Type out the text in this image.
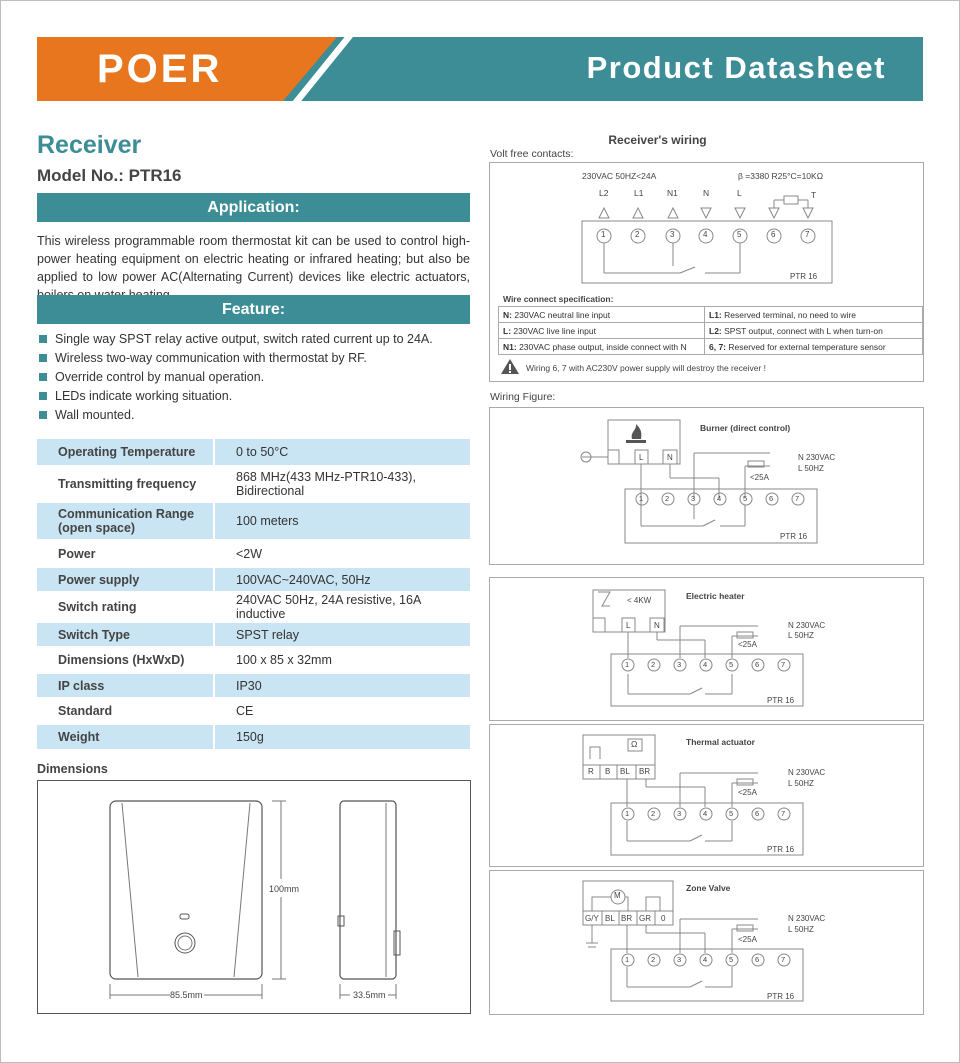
POER	Product Datasheet
Receiver
Model No.: PTR16
Application:
This wireless programmable room thermostat kit can be used to control high-power heating equipment on electric heating or infrared heating; but also be applied to low power AC(Alternating Current) devices like electric actuators,
Feature:
Single way SPST relay active output, switch rated current up to 24A.
Wireless two-way communication with thermostat by RF.
Override control by manual operation.
LEDs indicate working situation.
Wall mounted.
Operating Temperature	0 to 50°C
Transmitting frequency	868 MHz(433 MHz-PTR10-433),
Bidirectional
Communication Range
(open space)	100 meters
Power	<2W
Power supply	100VAC~240VAC, 50Hz
Switch rating	240VAC 50Hz, 24A resistive, 16A inductive
Switch Type	SPST relay
Dimensions (HxWxD)	100 x 85 x 32mm
IP class	IP30
Standard	CE
Weight	150g
Dimensions
100mm
85.5mm	33.5mm
Receiver's wiring
Volt free contacts:
230VAC 50HZ<24A	β =3380 R25°C=10KΩ
L2	L1	N1	N	L	T
1	2	3	4	5	6	7
PTR 16
Wire connect specification:
Wiring 6, 7 with AC230V power supply will destroy the receiver !
N: 230VAC neutral line input	L1: Reserved terminal, no need to wire
L: 230VAC live line input	L2: SPST output, connect with L when turn-on
N1: 230VAC phase output, inside connect with N	6, 7: Reserved for external temperature sensor
Wiring Figure:
Burner (direct control)
L	N	N 230VAC
L 50HZ
<25A
1	2	3	4	5	6	7
PTR 16
Electric heater
< 4KW
L	N	N 230VAC
L 50HZ
<25A
1	2	3	4	5	6	7
PTR 16
Thermal actuator
Ω
R B BL BR	N 230VAC
L 50HZ
<25A
1	2	3	4	5	6	7
PTR 16
Zone Valve
M
G/Y BL BR GR 0	N 230VAC
L 50HZ
<25A
1	2	3	4	5	6	7
PTR 16
